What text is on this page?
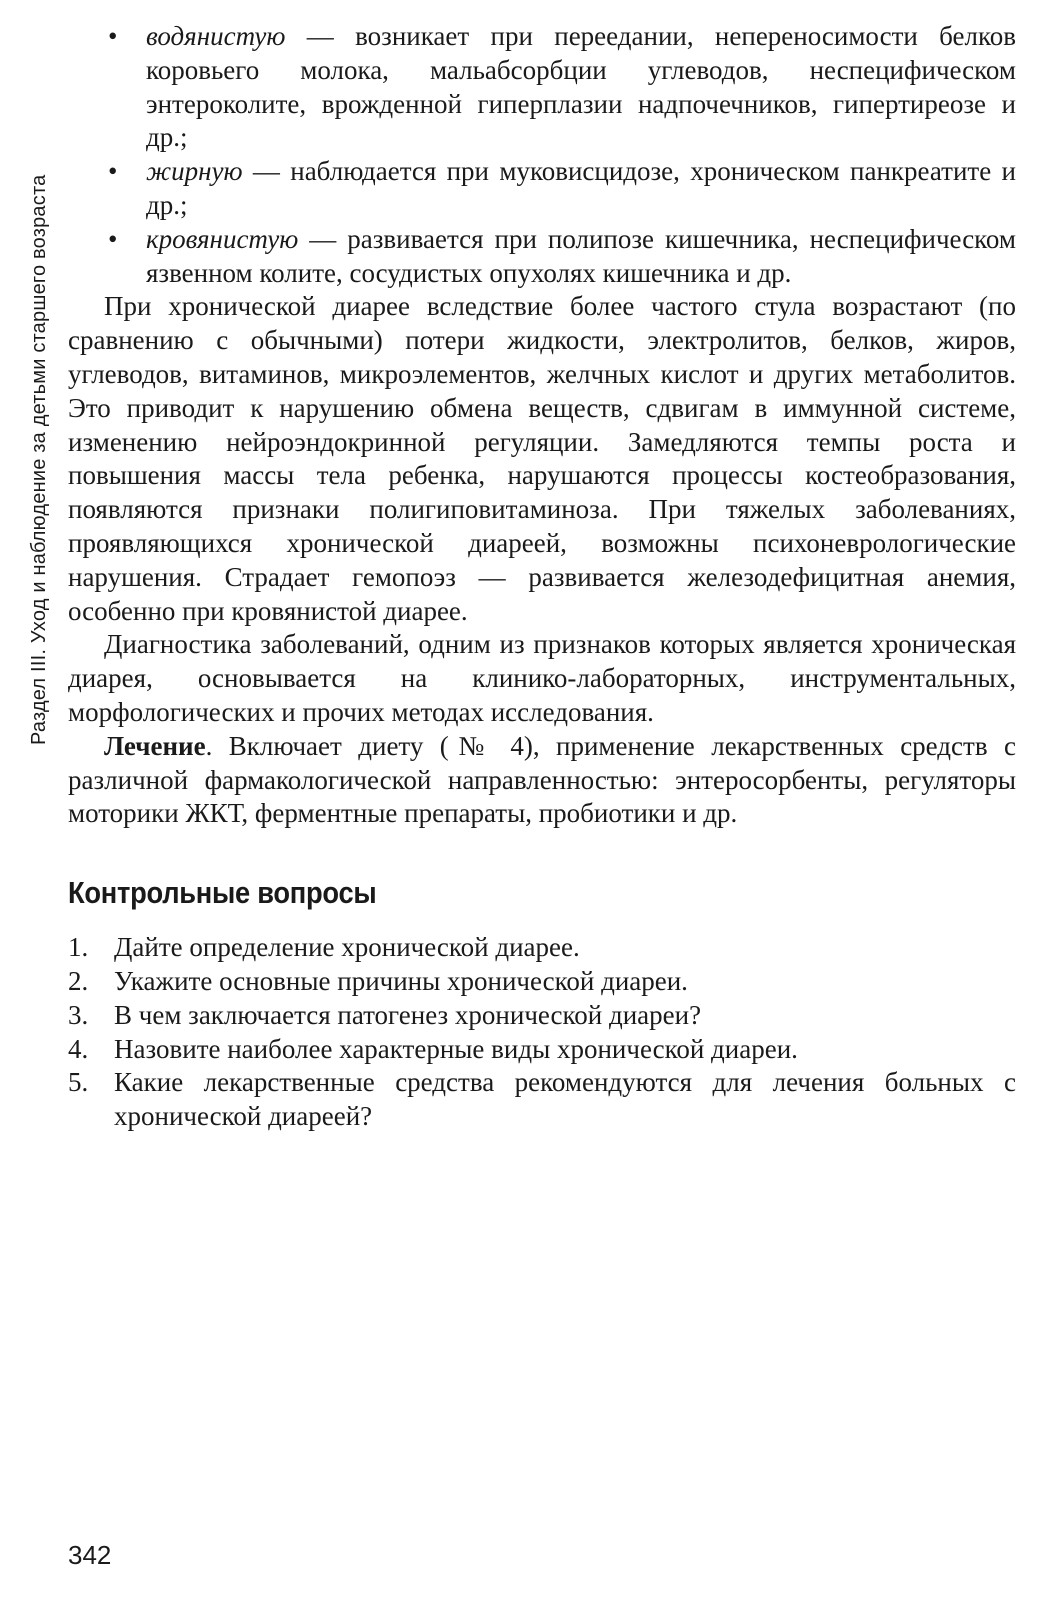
Раздел III. Уход и наблюдение за детьми старшего возраста
• водянистую — возникает при переедании, непереносимости белков коровьего молока, мальабсорбции углеводов, неспецифическом энтероколите, врожденной гиперплазии надпочечников, гипертиреозе и др.;
• жирную — наблюдается при муковисцидозе, хроническом панкреатите и др.;
• кровянистую — развивается при полипозе кишечника, неспецифическом язвенном колите, сосудистых опухолях кишечника и др.

При хронической диарее вследствие более частого стула возрастают (по сравнению с обычными) потери жидкости, электролитов, белков, жиров, углеводов, витаминов, микроэлементов, желчных кислот и других метаболитов. Это приводит к нарушению обмена веществ, сдвигам в иммунной системе, изменению нейроэндокринной регуляции. Замедляются темпы роста и повышения массы тела ребенка, нарушаются процессы костеобразования, появляются признаки полигиповитаминоза. При тяжелых заболеваниях, проявляющихся хронической диареей, возможны психоневрологические нарушения. Страдает гемопоэз — развивается железодефицитная анемия, особенно при кровянистой диарее.

Диагностика заболеваний, одним из признаков которых является хроническая диарея, основывается на клинико-лабораторных, инструментальных, морфологических и прочих методах исследования.

Лечение. Включает диету (№ 4), применение лекарственных средств с различной фармакологической направленностью: энтеросорбенты, регуляторы моторики ЖКТ, ферментные препараты, пробиотики и др.

Контрольные вопросы
1. Дайте определение хронической диарее.
2. Укажите основные причины хронической диареи.
3. В чем заключается патогенез хронической диареи?
4. Назовите наиболее характерные виды хронической диареи.
5. Какие лекарственные средства рекомендуются для лечения больных с хронической диареей?
342
